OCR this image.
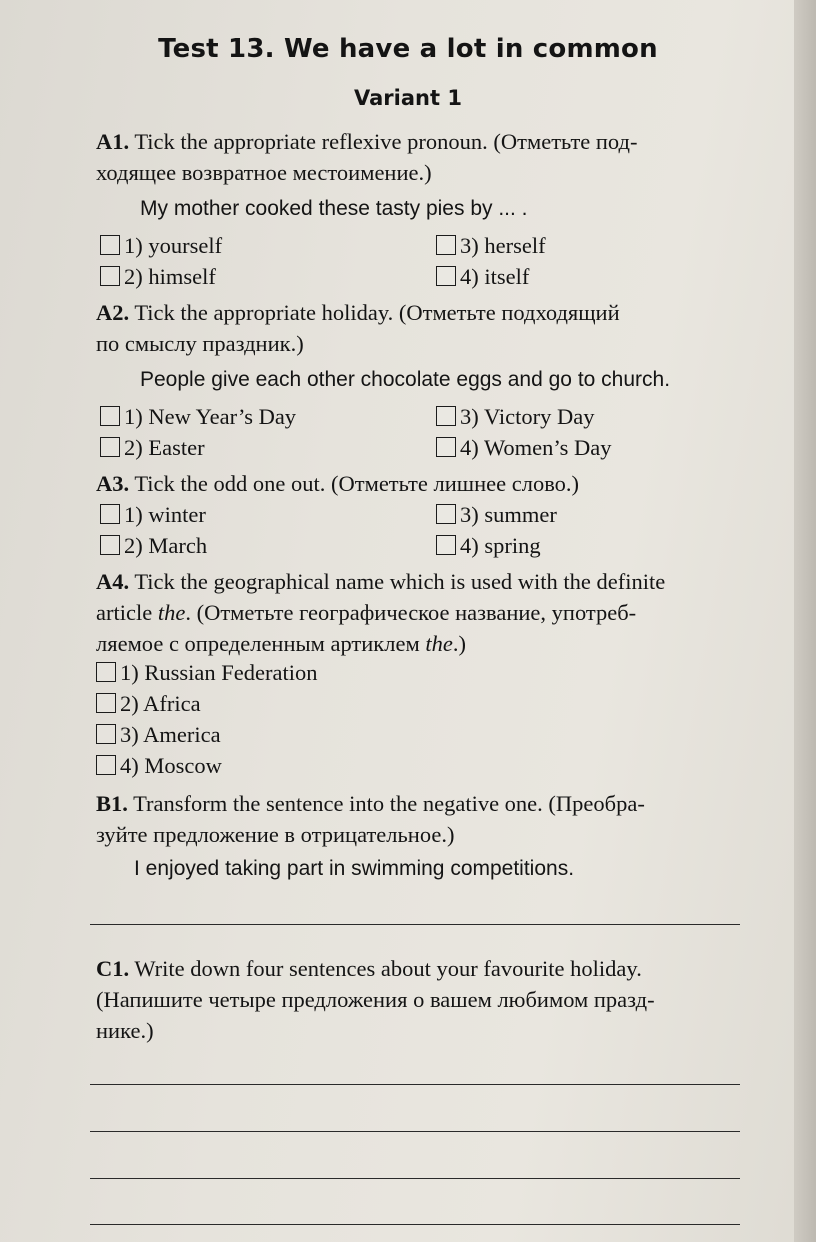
Test 13. We have a lot in common
Variant 1
A1. Tick the appropriate reflexive pronoun. (Отметьте под-
ходящее возвратное местоимение.)
My mother cooked these tasty pies by ... .
1) yourself
2) himself
3) herself
4) itself
A2. Tick the appropriate holiday. (Отметьте подходящий
по смыслу праздник.)
People give each other chocolate eggs and go to church.
1) New Year’s Day
2) Easter
3) Victory Day
4) Women’s Day
A3. Tick the odd one out. (Отметьте лишнее слово.)
1) winter
2) March
3) summer
4) spring
A4. Tick the geographical name which is used with the definite
article the. (Отметьте географическое название, употреб-
ляемое с определенным артиклем the.)
1) Russian Federation
2) Africa
3) America
4) Moscow
B1. Transform the sentence into the negative one. (Преобра-
зуйте предложение в отрицательное.)
I enjoyed taking part in swimming competitions.
C1. Write down four sentences about your favourite holiday.
(Напишите четыре предложения о вашем любимом празд-
нике.)
